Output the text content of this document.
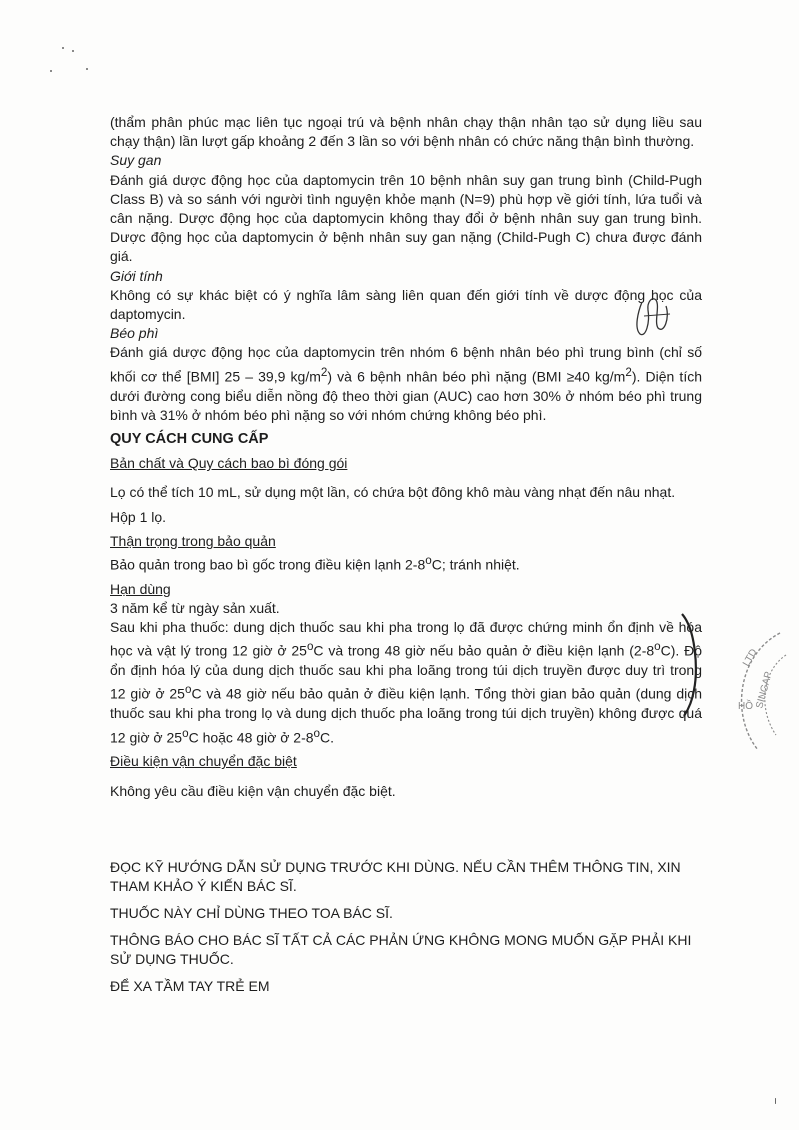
(thẩm phân phúc mạc liên tục ngoại trú và bệnh nhân chạy thận nhân tạo sử dụng liều sau chạy thận) lần lượt gấp khoảng 2 đến 3 lần so với bệnh nhân có chức năng thận bình thường.

Suy gan

Đánh giá dược động học của daptomycin trên 10 bệnh nhân suy gan trung bình (Child-Pugh Class B) và so sánh với người tình nguyện khỏe mạnh (N=9) phù hợp về giới tính, lứa tuổi và cân nặng. Dược động học của daptomycin không thay đổi ở bệnh nhân suy gan trung bình. Dược động học của daptomycin ở bệnh nhân suy gan nặng (Child-Pugh C) chưa được đánh giá.

Giới tính

Không có sự khác biệt có ý nghĩa lâm sàng liên quan đến giới tính về dược động học của daptomycin.

Béo phì

Đánh giá dược động học của daptomycin trên nhóm 6 bệnh nhân béo phì trung bình (chỉ số khối cơ thể [BMI] 25 – 39,9 $kg/m^2$) và 6 bệnh nhân béo phì nặng (BMI ≥40 $kg/m^2$). Diện tích dưới đường cong biểu diễn nồng độ theo thời gian (AUC) cao hơn 30% ở nhóm béo phì trung bình và 31% ở nhóm béo phì nặng so với nhóm chứng không béo phì.

QUY CÁCH CUNG CẤP

Bản chất và Quy cách bao bì đóng gói

Lọ có thể tích 10 mL, sử dụng một lần, có chứa bột đông khô màu vàng nhạt đến nâu nhạt.

Hộp 1 lọ.

Thận trọng trong bảo quản

Bảo quản trong bao bì gốc trong điều kiện lạnh 2-8$^o$C; tránh nhiệt.

Hạn dùng

3 năm kể từ ngày sản xuất.

Sau khi pha thuốc: dung dịch thuốc sau khi pha trong lọ đã được chứng minh ổn định về hóa học và vật lý trong 12 giờ ở 25$^o$C và trong 48 giờ nếu bảo quản ở điều kiện lạnh (2-8$^o$C). Độ ổn định hóa lý của dung dịch thuốc sau khi pha loãng trong túi dịch truyền được duy trì trong 12 giờ ở 25$^o$C và 48 giờ nếu bảo quản ở điều kiện lạnh. Tổng thời gian bảo quản (dung dịch thuốc sau khi pha trong lọ và dung dịch thuốc pha loãng trong túi dịch truyền) không được quá 12 giờ ở 25$^o$C hoặc 48 giờ ở 2-8$^o$C.

Điều kiện vận chuyển đặc biệt

Không yêu cầu điều kiện vận chuyển đặc biệt.

ĐỌC KỸ HƯỚNG DẪN SỬ DỤNG TRƯỚC KHI DÙNG. NẾU CẦN THÊM THÔNG TIN, XIN THAM KHẢO Ý KIẾN BÁC SĨ.

THUỐC NÀY CHỈ DÙNG THEO TOA BÁC SĨ.

THÔNG BÁO CHO BÁC SĨ TẤT CẢ CÁC PHẢN ỨNG KHÔNG MONG MUỐN GẶP PHẢI KHI SỬ DỤNG THUỐC.

ĐỂ XA TẦM TAY TRẺ EM

LTD
SINGAP
HỒ
